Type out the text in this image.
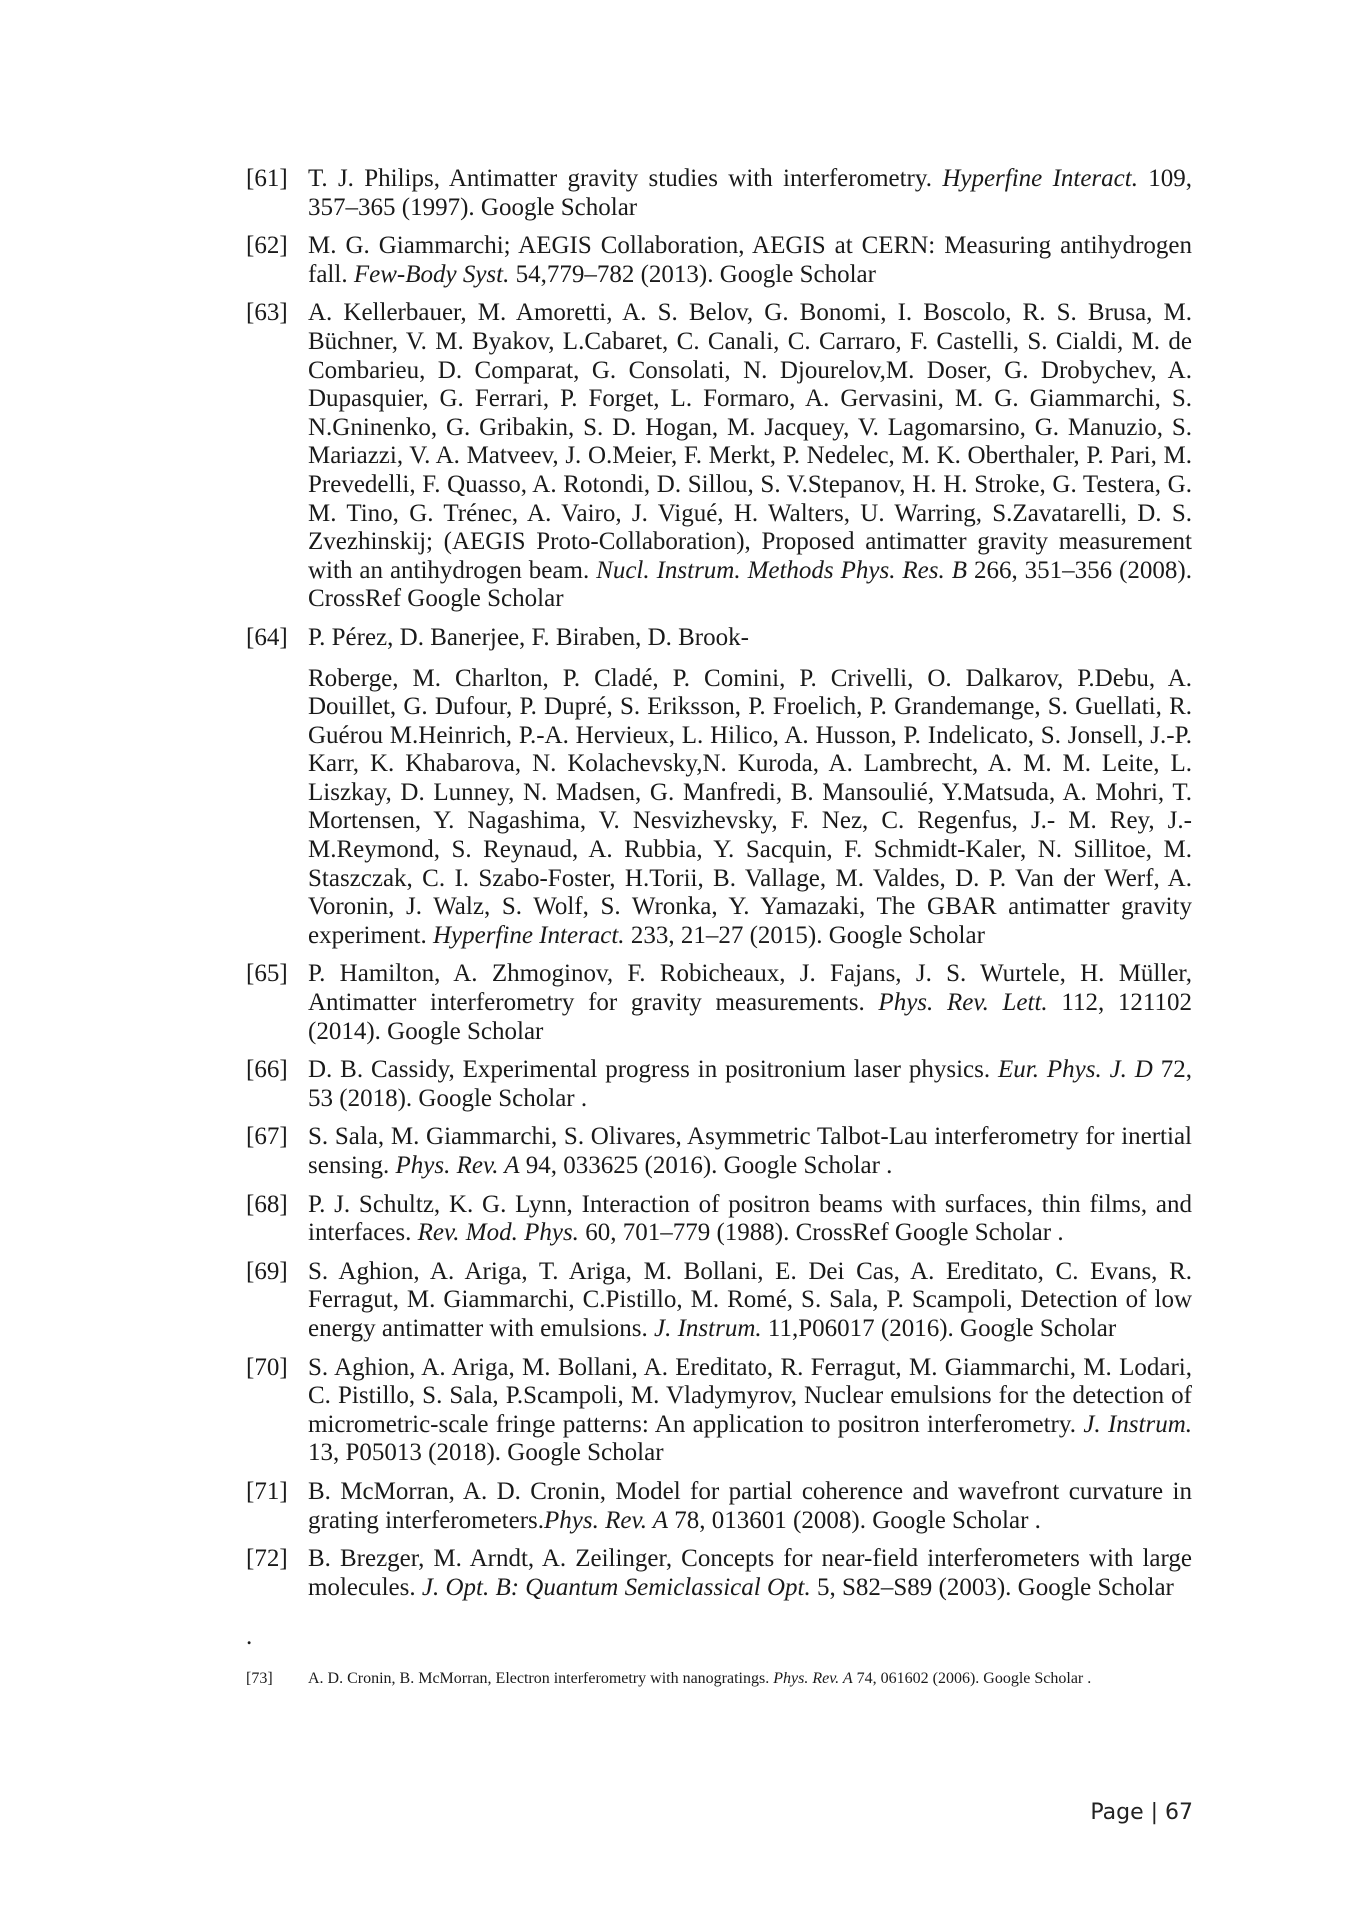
[61] T. J. Philips, Antimatter gravity studies with interferometry. Hyperfine Interact. 109, 357–365 (1997). Google Scholar

[62] M. G. Giammarchi; AEGIS Collaboration, AEGIS at CERN: Measuring antihydrogen fall. Few-Body Syst. 54,779–782 (2013). Google Scholar

[63] A. Kellerbauer, M. Amoretti, A. S. Belov, G. Bonomi, I. Boscolo, R. S. Brusa, M. Büchner, V. M. Byakov, L.Cabaret, C. Canali, C. Carraro, F. Castelli, S. Cialdi, M. de Combarieu, D. Comparat, G. Consolati, N. Djourelov,M. Doser, G. Drobychev, A. Dupasquier, G. Ferrari, P. Forget, L. Formaro, A. Gervasini, M. G. Giammarchi, S. N.Gninenko, G. Gribakin, S. D. Hogan, M. Jacquey, V. Lagomarsino, G. Manuzio, S. Mariazzi, V. A. Matveev, J. O.Meier, F. Merkt, P. Nedelec, M. K. Oberthaler, P. Pari, M. Prevedelli, F. Quasso, A. Rotondi, D. Sillou, S. V.Stepanov, H. H. Stroke, G. Testera, G. M. Tino, G. Trénec, A. Vairo, J. Vigué, H. Walters, U. Warring, S.Zavatarelli, D. S. Zvezhinskij; (AEGIS Proto-Collaboration), Proposed antimatter gravity measurement with an antihydrogen beam. Nucl. Instrum. Methods Phys. Res. B 266, 351–356 (2008). CrossRef Google Scholar

[64] P. Pérez, D. Banerjee, F. Biraben, D. Brook-

Roberge, M. Charlton, P. Cladé, P. Comini, P. Crivelli, O. Dalkarov, P.Debu, A. Douillet, G. Dufour, P. Dupré, S. Eriksson, P. Froelich, P. Grandemange, S. Guellati, R. Guérou M.Heinrich, P.-A. Hervieux, L. Hilico, A. Husson, P. Indelicato, S. Jonsell, J.-P. Karr, K. Khabarova, N. Kolachevsky,N. Kuroda, A. Lambrecht, A. M. M. Leite, L. Liszkay, D. Lunney, N. Madsen, G. Manfredi, B. Mansoulié, Y.Matsuda, A. Mohri, T. Mortensen, Y. Nagashima, V. Nesvizhevsky, F. Nez, C. Regenfus, J.- M. Rey, J.-M.Reymond, S. Reynaud, A. Rubbia, Y. Sacquin, F. Schmidt-Kaler, N. Sillitoe, M. Staszczak, C. I. Szabo-Foster, H.Torii, B. Vallage, M. Valdes, D. P. Van der Werf, A. Voronin, J. Walz, S. Wolf, S. Wronka, Y. Yamazaki, The GBAR antimatter gravity experiment. Hyperfine Interact. 233, 21–27 (2015). Google Scholar

[65] P. Hamilton, A. Zhmoginov, F. Robicheaux, J. Fajans, J. S. Wurtele, H. Müller, Antimatter interferometry for gravity measurements. Phys. Rev. Lett. 112, 121102 (2014). Google Scholar

[66] D. B. Cassidy, Experimental progress in positronium laser physics. Eur. Phys. J. D 72, 53 (2018). Google Scholar .

[67] S. Sala, M. Giammarchi, S. Olivares, Asymmetric Talbot-Lau interferometry for inertial sensing. Phys. Rev. A 94, 033625 (2016). Google Scholar .

[68] P. J. Schultz, K. G. Lynn, Interaction of positron beams with surfaces, thin films, and interfaces. Rev. Mod. Phys. 60, 701–779 (1988). CrossRef Google Scholar .

[69] S. Aghion, A. Ariga, T. Ariga, M. Bollani, E. Dei Cas, A. Ereditato, C. Evans, R. Ferragut, M. Giammarchi, C.Pistillo, M. Romé, S. Sala, P. Scampoli, Detection of low energy antimatter with emulsions. J. Instrum. 11,P06017 (2016). Google Scholar

[70] S. Aghion, A. Ariga, M. Bollani, A. Ereditato, R. Ferragut, M. Giammarchi, M. Lodari, C. Pistillo, S. Sala, P.Scampoli, M. Vladymyrov, Nuclear emulsions for the detection of micrometric-scale fringe patterns: An application to positron interferometry. J. Instrum. 13, P05013 (2018). Google Scholar

[71] B. McMorran, A. D. Cronin, Model for partial coherence and wavefront curvature in grating interferometers.Phys. Rev. A 78, 013601 (2008). Google Scholar .

[72] B. Brezger, M. Arndt, A. Zeilinger, Concepts for near-field interferometers with large molecules. J. Opt. B: Quantum Semiclassical Opt. 5, S82–S89 (2003). Google Scholar

.
[73]	A. D. Cronin, B. McMorran, Electron interferometry with nanogratings. Phys. Rev. A 74, 061602 (2006). Google Scholar .

Page | 67
